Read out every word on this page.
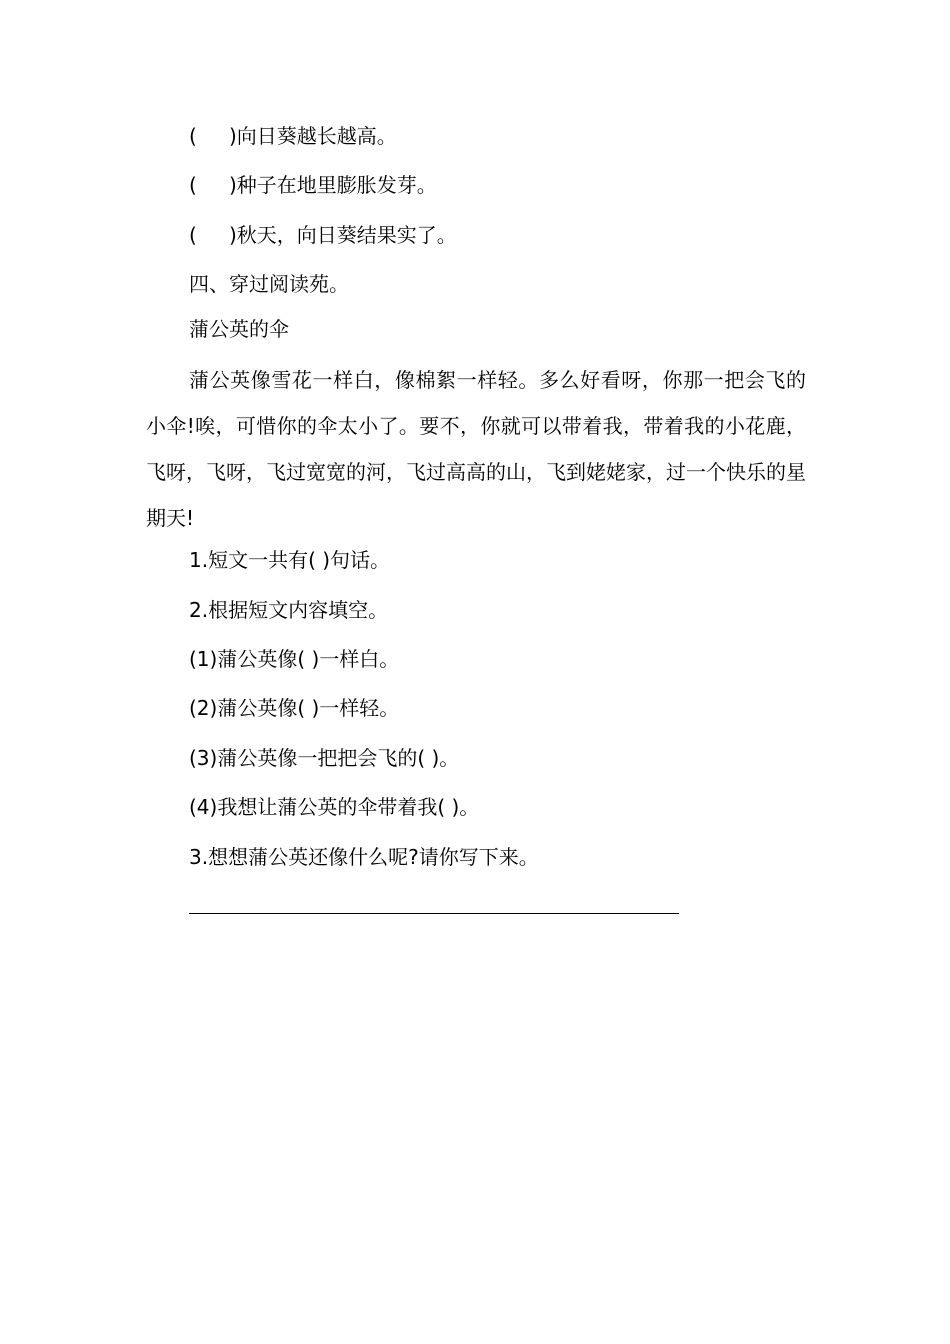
( )向日葵越长越高。
( )种子在地里膨胀发芽。
( )秋天，向日葵结果实了。
四、穿过阅读苑。
蒲公英的伞
蒲公英像雪花一样白，像棉絮一样轻。多么好看呀，你那一把会飞的小伞!唉，可惜你的伞太小了。要不，你就可以带着我，带着我的小花鹿，飞呀，飞呀，飞过宽宽的河，飞过高高的山，飞到姥姥家，过一个快乐的星期天!
1.短文一共有( )句话。
2.根据短文内容填空。
(1)蒲公英像( )一样白。
(2)蒲公英像( )一样轻。
(3)蒲公英像一把把会飞的( )。
(4)我想让蒲公英的伞带着我( )。
3.想想蒲公英还像什么呢?请你写下来。
